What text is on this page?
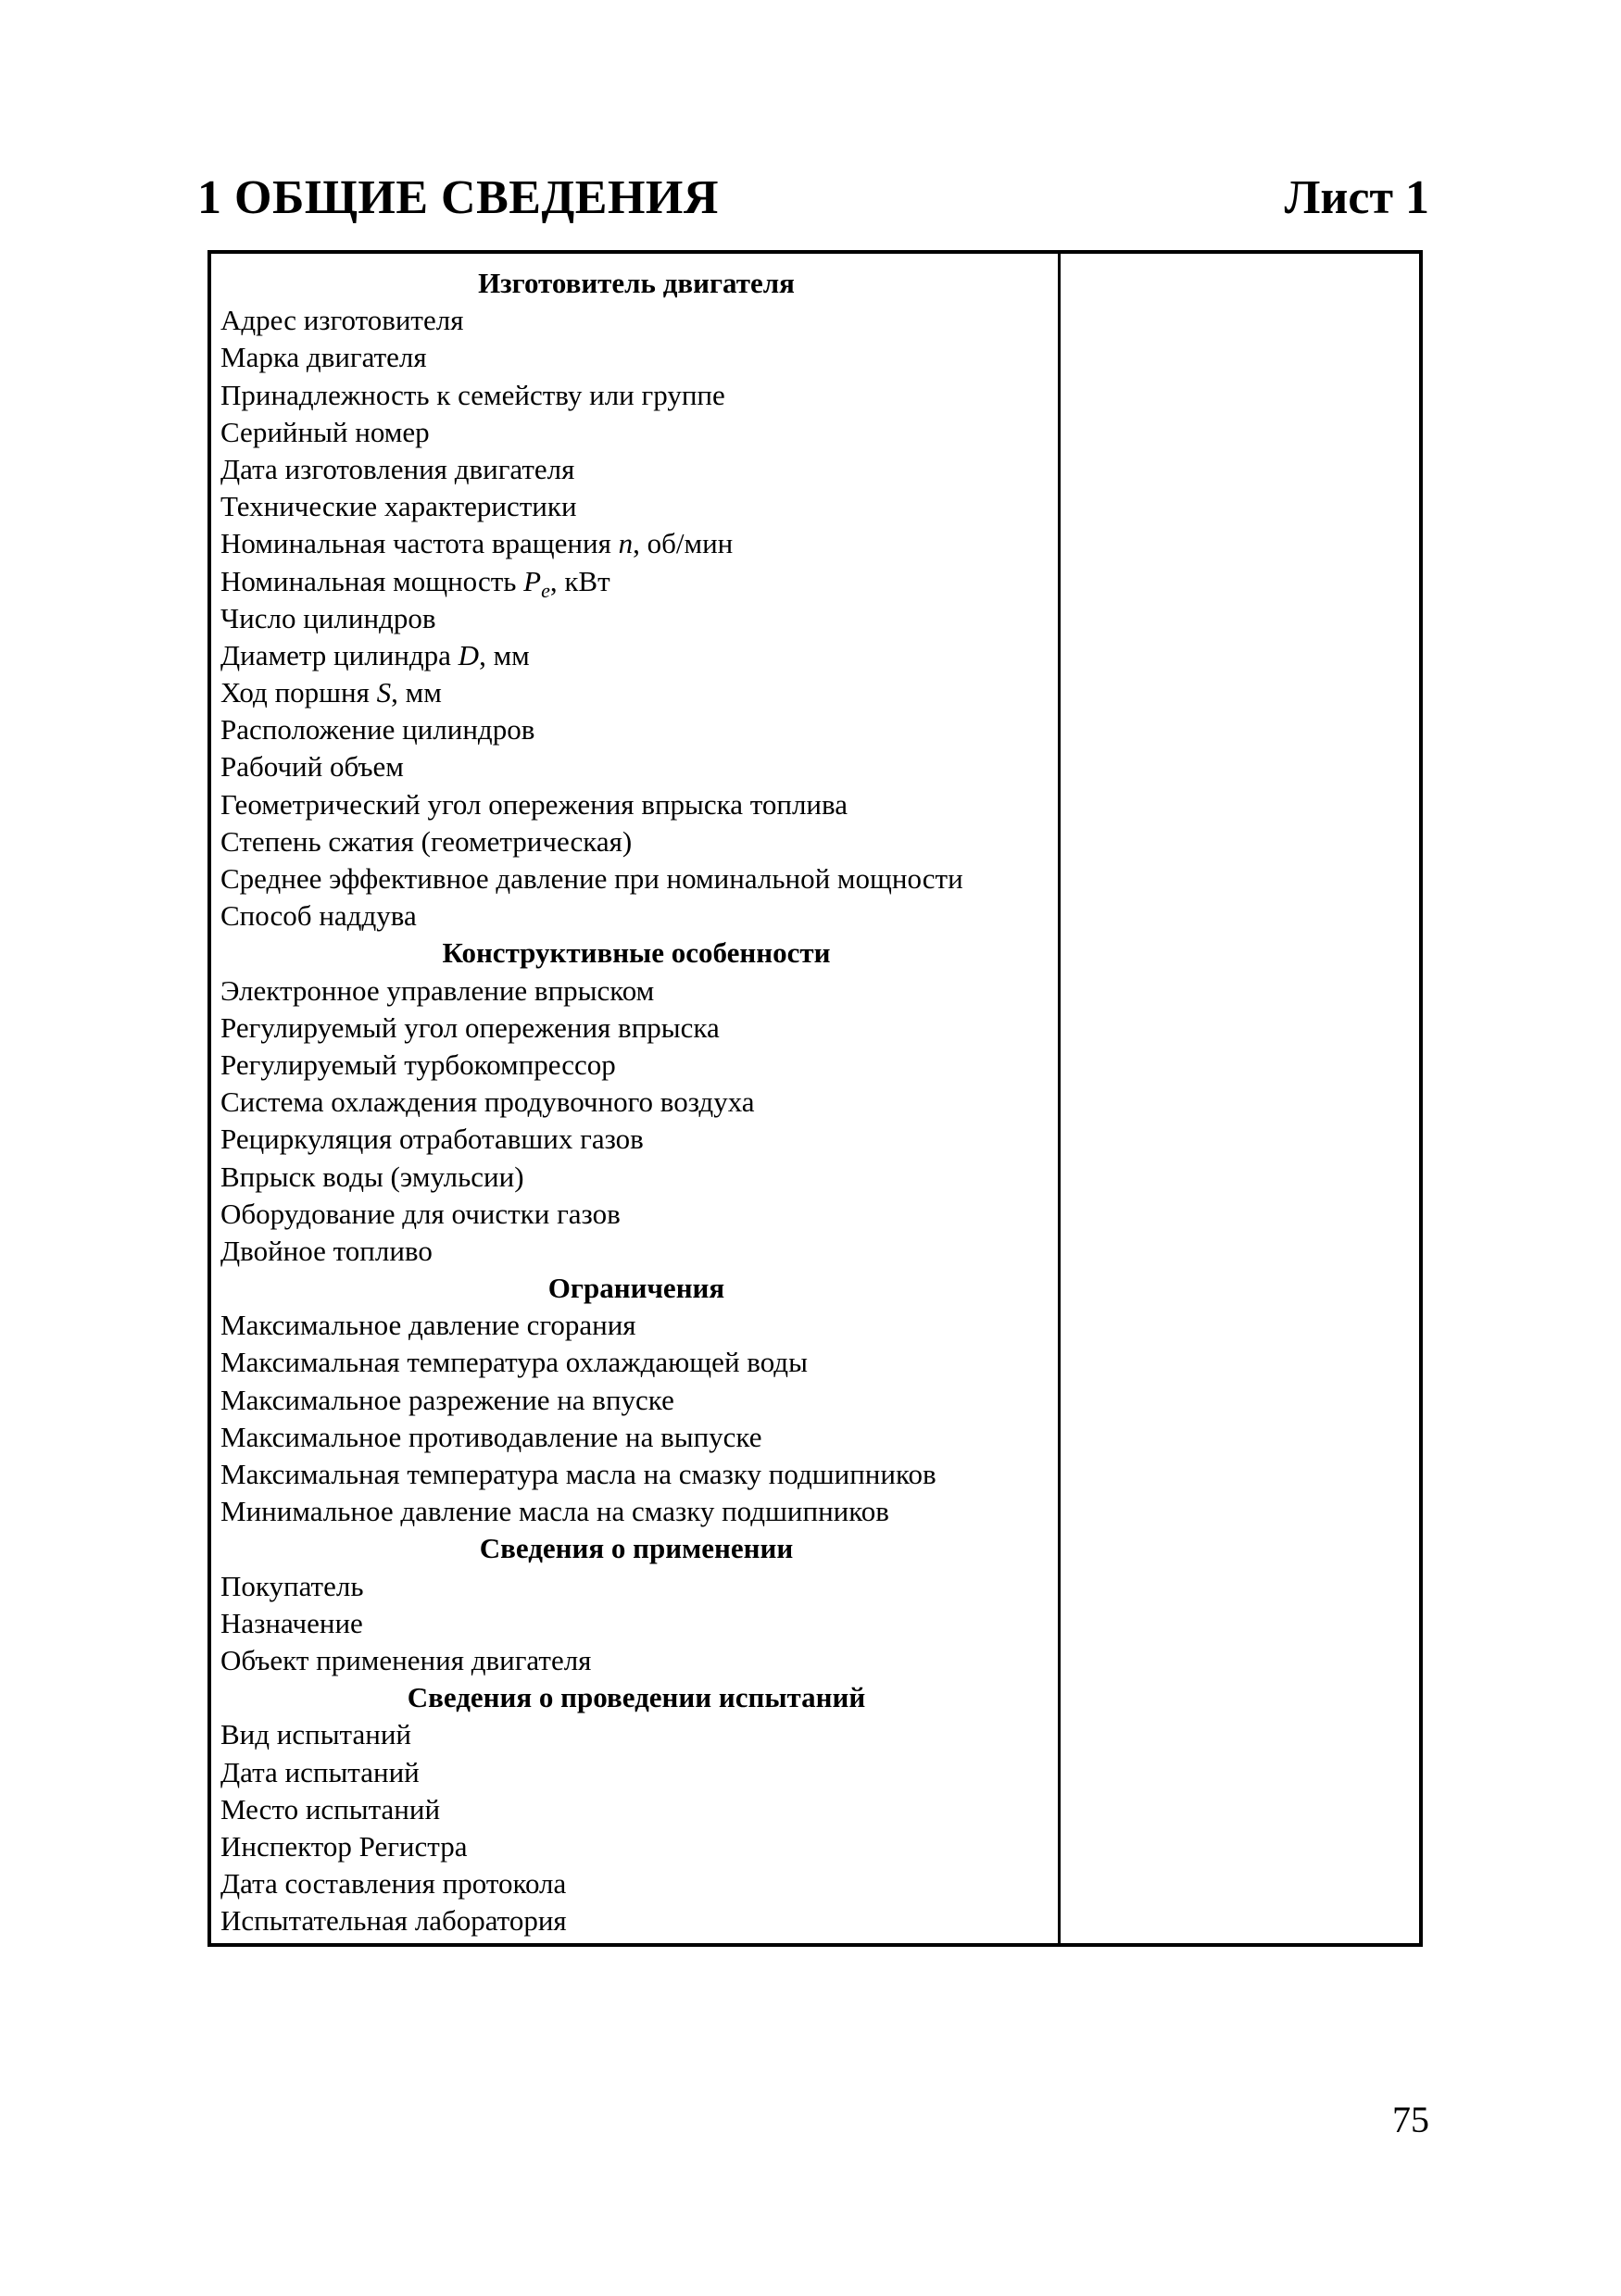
1 ОБЩИЕ СВЕДЕНИЯ	Лист 1
Изготовитель двигателя
Адрес изготовителя
Марка двигателя
Принадлежность к семейству или группе
Серийный номер
Дата изготовления двигателя
Технические характеристики
Номинальная частота вращения n, об/мин
Номинальная мощность $P_e$, кВт
Число цилиндров
Диаметр цилиндра D, мм
Ход поршня S, мм
Расположение цилиндров
Рабочий объем
Геометрический угол опережения впрыска топлива
Степень сжатия (геометрическая)
Среднее эффективное давление при номинальной мощности
Способ наддува
Конструктивные особенности
Электронное управление впрыском
Регулируемый угол опережения впрыска
Регулируемый турбокомпрессор
Система охлаждения продувочного воздуха
Рециркуляция отработавших газов
Впрыск воды (эмульсии)
Оборудование для очистки газов
Двойное топливо
Ограничения
Максимальное давление сгорания
Максимальная температура охлаждающей воды
Максимальное разрежение на впуске
Максимальное противодавление на выпуске
Максимальная температура масла на смазку подшипников
Минимальное давление масла на смазку подшипников
Сведения о применении
Покупатель
Назначение
Объект применения двигателя
Сведения о проведении испытаний
Вид испытаний
Дата испытаний
Место испытаний
Инспектор Регистра
Дата составления протокола
Испытательная лаборатория
75
